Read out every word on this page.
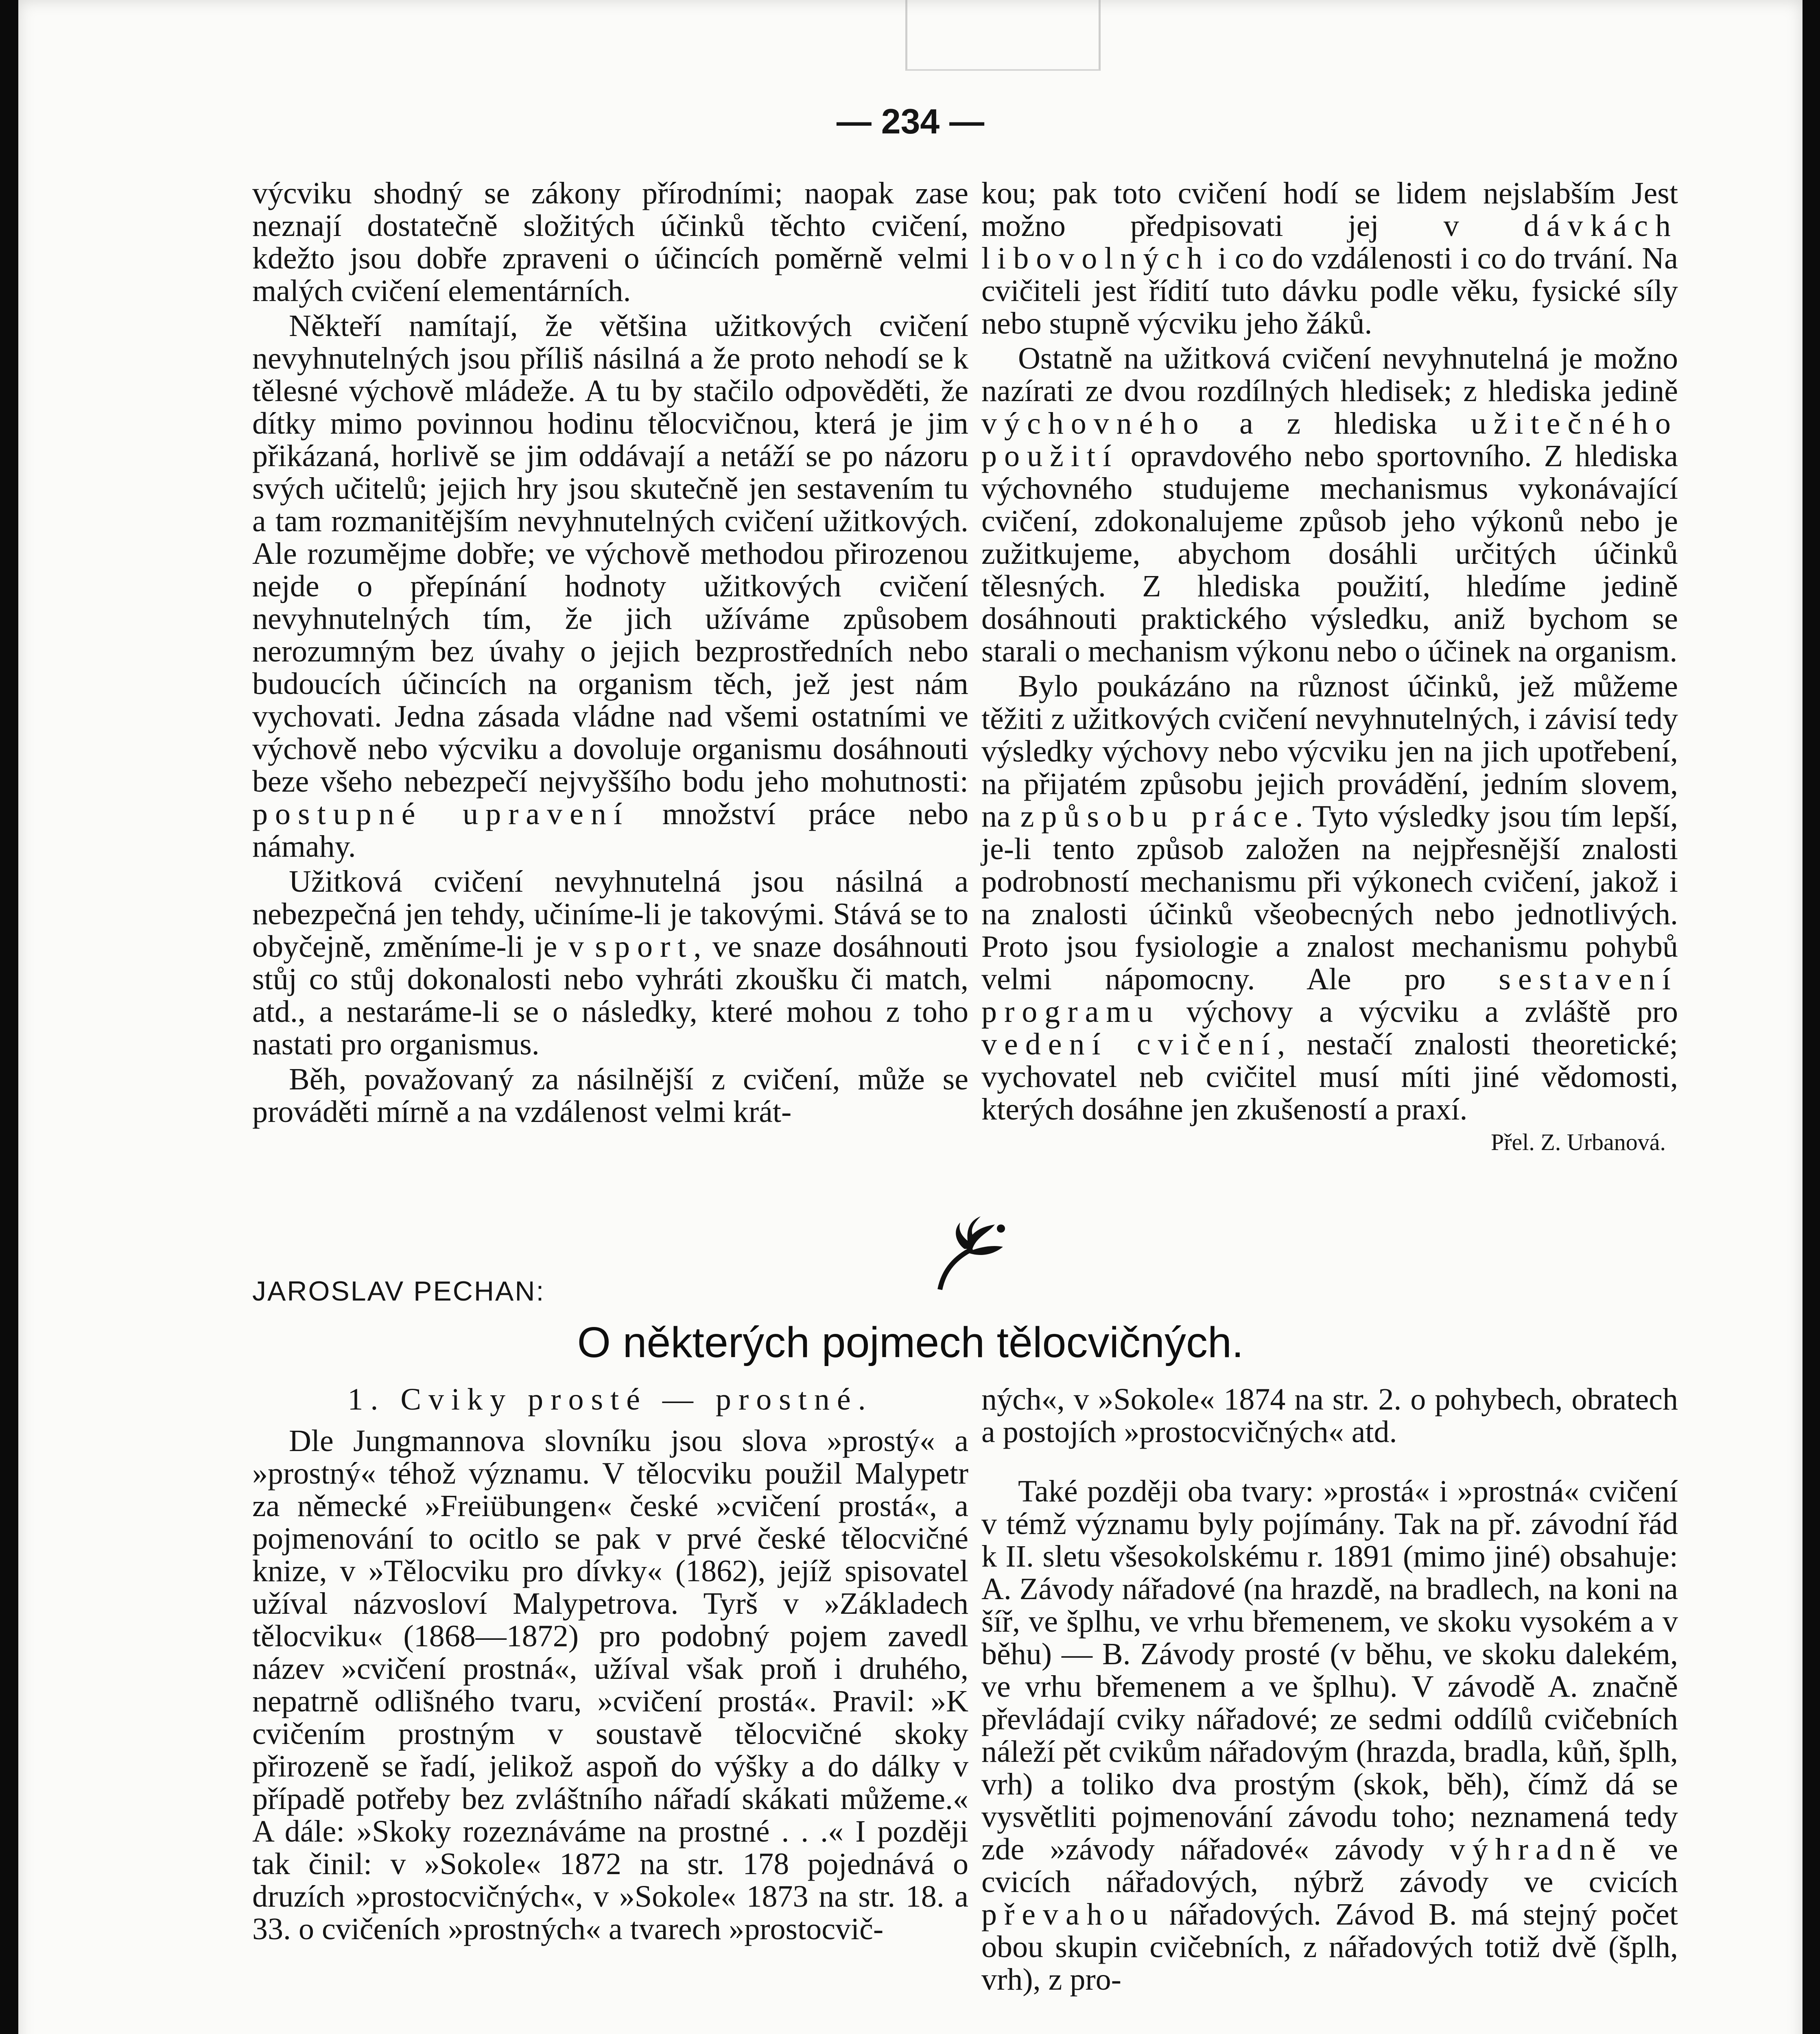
— 234 —

výcviku shodný se zákony přírodními; naopak zase neznají dostatečně složitých účinků těchto cvičení, kdežto jsou dobře zpraveni o účincích poměrně velmi malých cvičení elementárních.

Někteří namítají, že většina užitkových cvičení nevyhnutelných jsou příliš násilná a že proto nehodí se k tělesné výchově mládeže. A tu by stačilo odpověděti, že dítky mimo povinnou hodinu tělocvičnou, která je jim přikázaná, horlivě se jim oddávají a netáží se po názoru svých učitelů; jejich hry jsou skutečně jen sestavením tu a tam rozmanitějším nevyhnutelných cvičení užitkových. Ale rozumějme dobře; ve výchově methodou přirozenou nejde o přepínání hodnoty užitkových cvičení nevyhnutelných tím, že jich užíváme způsobem nerozumným bez úvahy o jejich bezprostředních nebo budoucích účincích na organism těch, jež jest nám vychovati. Jedna zásada vládne nad všemi ostatními ve výchově nebo výcviku a dovoluje organismu dosáhnouti beze všeho nebezpečí nejvyššího bodu jeho mohutnosti: postupné upravení množství práce nebo námahy.

Užitková cvičení nevyhnutelná jsou násilná a nebezpečná jen tehdy, učiníme-li je takovými. Stává se to obyčejně, změníme-li je v sport, ve snaze dosáhnouti stůj co stůj dokonalosti nebo vyhráti zkoušku či match, atd., a nestaráme-li se o následky, které mohou z toho nastati pro organismus.

Běh, považovaný za násilnější z cvičení, může se prováděti mírně a na vzdálenost velmi krát-

kou; pak toto cvičení hodí se lidem nejslabším Jest možno předpisovati jej v dávkách libovolných i co do vzdálenosti i co do trvání. Na cvičiteli jest řídití tuto dávku podle věku, fysické síly nebo stupně výcviku jeho žáků.

Ostatně na užitková cvičení nevyhnutelná je možno nazírati ze dvou rozdílných hledisek; z hlediska jedině výchovného a z hlediska užitečného použití opravdového nebo sportovního. Z hlediska výchovného studujeme mechanismus vykonávající cvičení, zdokonalujeme způsob jeho výkonů nebo je zužitkujeme, abychom dosáhli určitých účinků tělesných. Z hlediska použití, hledíme jedině dosáhnouti praktického výsledku, aniž bychom se starali o mechanism výkonu nebo o účinek na organism.

Bylo poukázáno na různost účinků, jež můžeme těžiti z užitkových cvičení nevyhnutelných, i závisí tedy výsledky výchovy nebo výcviku jen na jich upotřebení, na přijatém způsobu jejich provádění, jedním slovem, na způsobu práce. Tyto výsledky jsou tím lepší, je-li tento způsob založen na nejpřesnější znalosti podrobností mechanismu při výkonech cvičení, jakož i na znalosti účinků všeobecných nebo jednotlivých. Proto jsou fysiologie a znalost mechanismu pohybů velmi nápomocny. Ale pro sestavení programu výchovy a výcviku a zvláště pro vedení cvičení, nestačí znalosti theoretické; vychovatel neb cvičitel musí míti jiné vědomosti, kterých dosáhne jen zkušeností a praxí.

Přel. Z. Urbanová.
JAROSLAV PECHAN:
O některých pojmech tělocvičných.
1. Cviky prosté — prostné.

Dle Jungmannova slovníku jsou slova »prostý« a »prostný« téhož významu. V tělocviku použil Malypetr za německé »Freiübungen« české »cvičení prostá«, a pojmenování to ocitlo se pak v prvé české tělocvičné knize, v »Tělocviku pro dívky« (1862), jejíž spisovatel užíval názvosloví Malypetrova. Tyrš v »Základech tělocviku« (1868—1872) pro podobný pojem zavedl název »cvičení prostná«, užíval však proň i druhého, nepatrně odlišného tvaru, »cvičení prostá«. Pravil: »K cvičením prostným v soustavě tělocvičné skoky přirozeně se řadí, jelikož aspoň do výšky a do dálky v případě potřeby bez zvláštního nářadí skákati můžeme.« A dále: »Skoky rozeznáváme na prostné . . .« I později tak činil: v »Sokole« 1872 na str. 178 pojednává o druzích »prostocvičných«, v »Sokole« 1873 na str. 18. a 33. o cvičeních »prostných« a tvarech »prostocvič-

ných«, v »Sokole« 1874 na str. 2. o pohybech, obratech a postojích »prostocvičných« atd.

Také později oba tvary: »prostá« i »prostná« cvičení v témž významu byly pojímány. Tak na př. závodní řád k II. sletu všesokolskému r. 1891 (mimo jiné) obsahuje: A. Závody nářadové (na hrazdě, na bradlech, na koni na šíř, ve šplhu, ve vrhu břemenem, ve skoku vysokém a v běhu) — B. Závody prosté (v běhu, ve skoku dalekém, ve vrhu břemenem a ve šplhu). V závodě A. značně převládají cviky nářadové; ze sedmi oddílů cvičebních náleží pět cvikům nářadovým (hrazda, bradla, kůň, šplh, vrh) a toliko dva prostým (skok, běh), čímž dá se vysvětliti pojmenování závodu toho; neznamená tedy zde »závody nářadové« závody výhradně ve cvicích nářadových, nýbrž závody ve cvicích převahou nářadových. Závod B. má stejný počet obou skupin cvičebních, z nářadových totiž dvě (šplh, vrh), z pro-
